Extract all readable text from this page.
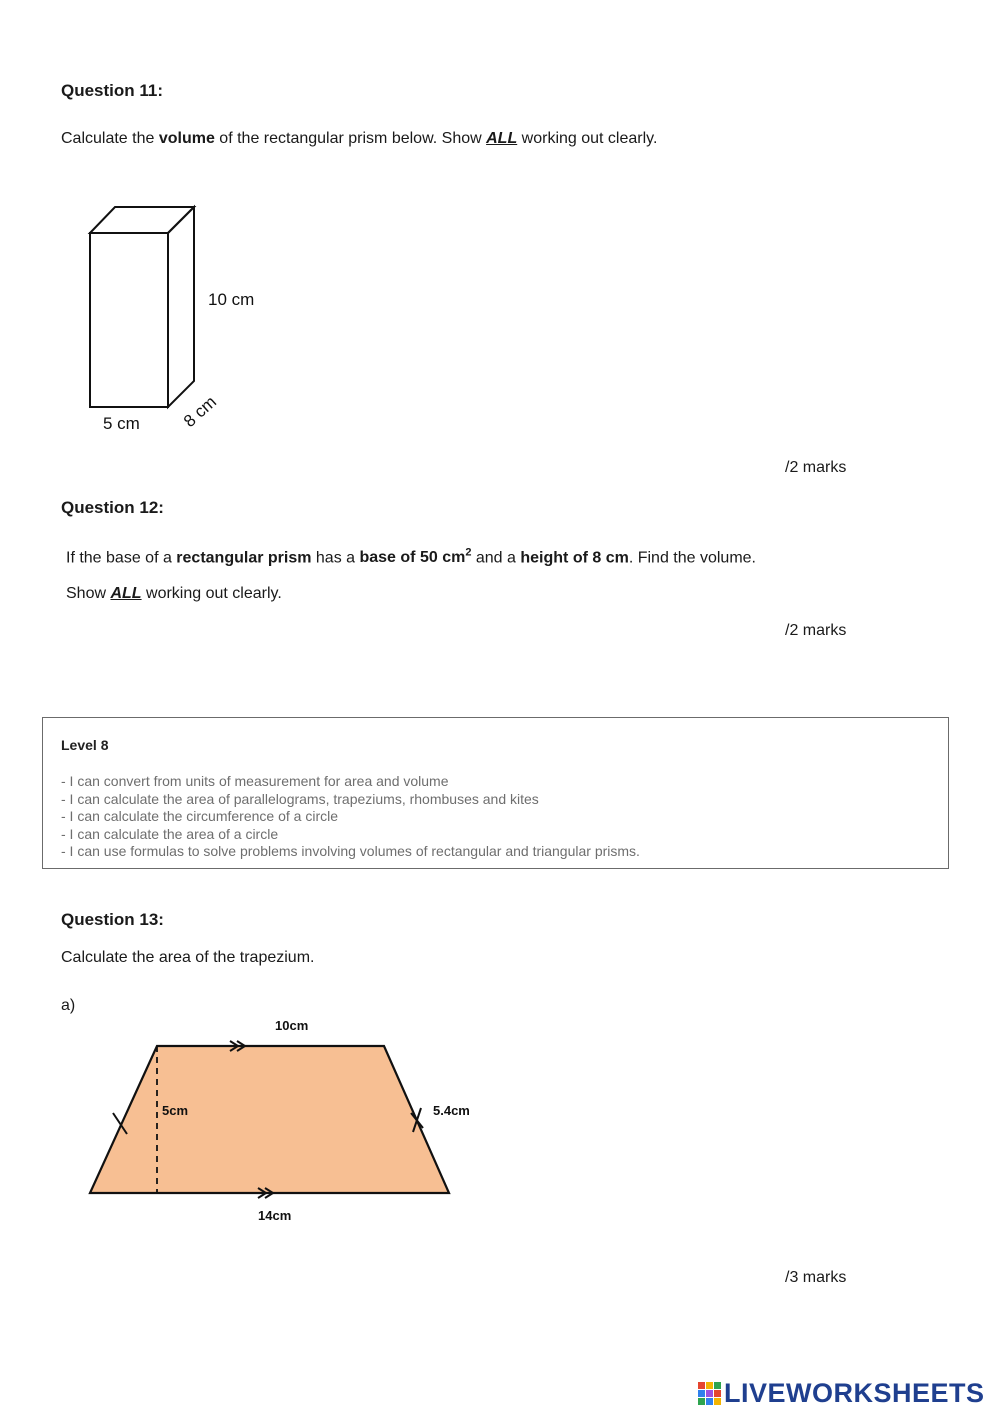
Question 11:
Calculate the volume of the rectangular prism below. Show ALL working out clearly.
10 cm
5 cm 8 cm
/2 marks
Question 12:
If the base of a rectangular prism has a base of 50 $cm^2$ and a height of 8 cm. Find the volume.
Show ALL working out clearly.
/2 marks
Level 8
- I can convert from units of measurement for area and volume
- I can calculate the area of parallelograms, trapeziums, rhombuses and kites
- I can calculate the circumference of a circle
- I can calculate the area of a circle
- I can use formulas to solve problems involving volumes of rectangular and triangular prisms.
Question 13:
Calculate the area of the trapezium.
a)
10cm
5cm	5.4cm
14cm
/3 marks
LIVEWORKSHEETS
